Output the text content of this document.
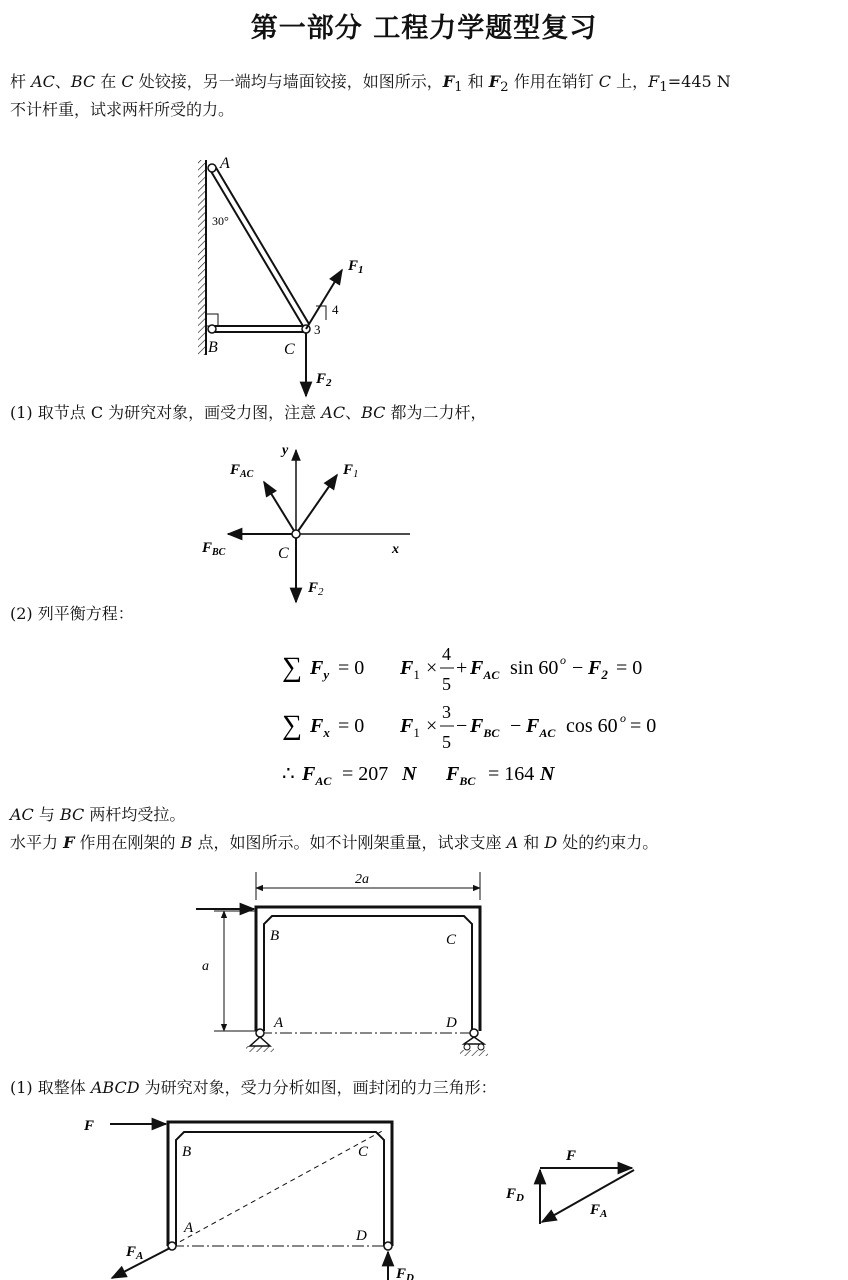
第一部分 工程力学题型复习
杆 AC、BC 在 C 处铰接，另一端均与墙面铰接，如图所示，$F_1$ 和 $F_2$ 作用在销钉 C 上，$F_1=445$ N
不计杆重，试求两杆所受的力。
(1) 取节点 C 为研究对象，画受力图，注意 AC、BC 都为二力杆，
(2) 列平衡方程：
AC 与 BC 两杆均受拉。
水平力 F 作用在刚架的 B 点，如图所示。如不计刚架重量，试求支座 A 和 D 处的约束力。
(1) 取整体 ABCD 为研究对象，受力分析如图，画封闭的力三角形：
A
30°
B	C
4
3
$F_1$
$F_2$
y
x
C
$F_{AC}$	$F_1$
$F_{BC}$
$F_2$
∑ $F_y = 0$ $F_1$ ×
4
5
+ $F_{AC}$ sin 60 $o - F_2 = 0$
∑ $F_x = 0$ $F_1$ ×
3
5
− $F_{BC} - F_{AC}$ cos 60 o = 0
∴ $F_{AC} = 207$ N $F_{BC} = 164$ N
2a
a
B	C
A	D
F
B	C
A	D
$F_A$
$F_D$
F
$F_D$
$F_A$
